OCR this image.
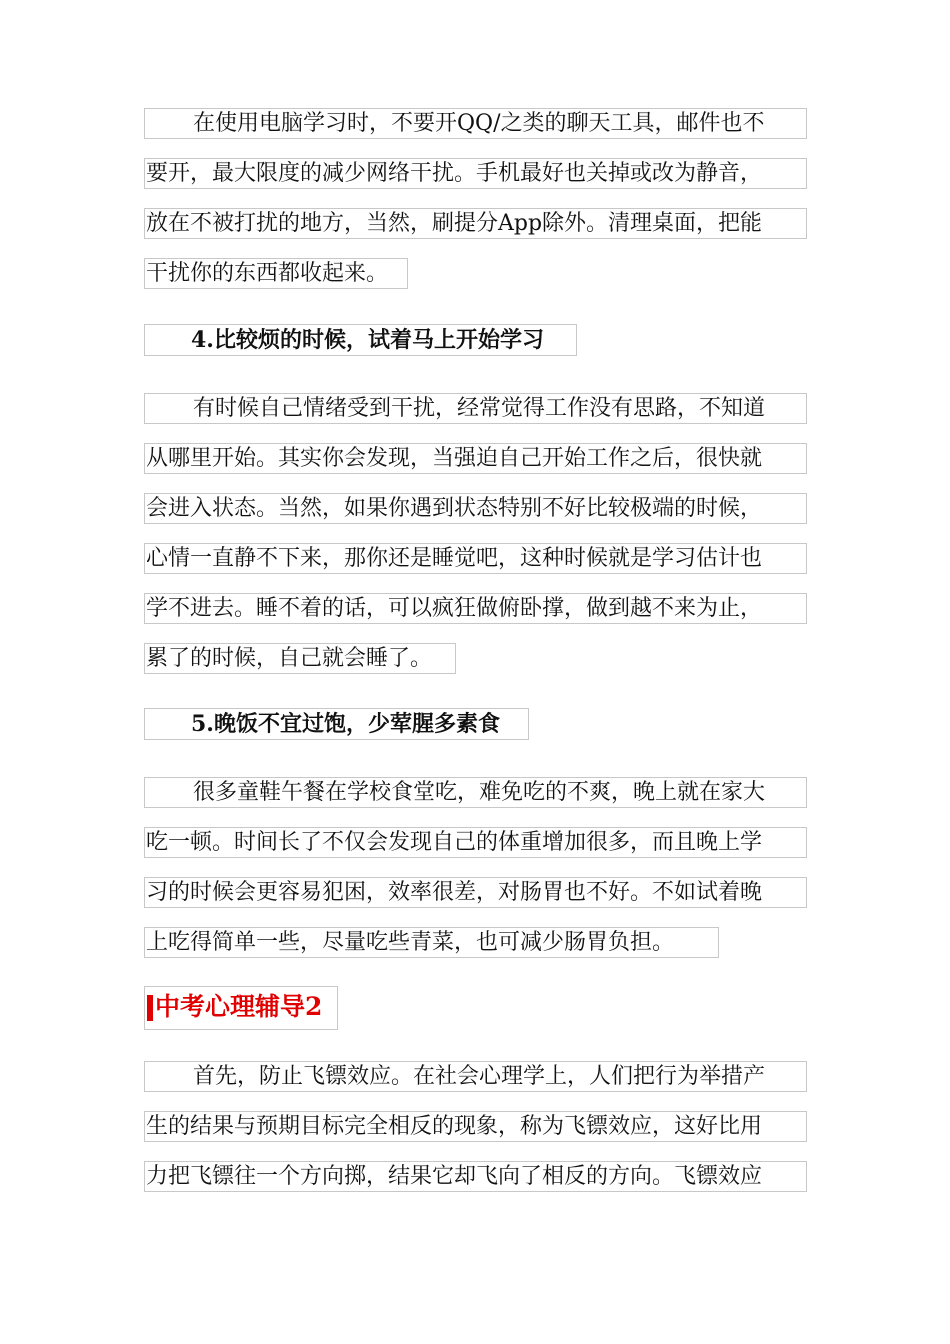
在使用电脑学习时，不要开QQ/之类的聊天工具，邮件也不
要开，最大限度的减少网络干扰。手机最好也关掉或改为静音，
放在不被打扰的地方，当然，刷提分App除外。清理桌面，把能
干扰你的东西都收起来。
4.比较烦的时候，试着马上开始学习
有时候自己情绪受到干扰，经常觉得工作没有思路，不知道
从哪里开始。其实你会发现，当强迫自己开始工作之后，很快就
会进入状态。当然，如果你遇到状态特别不好比较极端的时候，
心情一直静不下来，那你还是睡觉吧，这种时候就是学习估计也
学不进去。睡不着的话，可以疯狂做俯卧撑，做到越不来为止，
累了的时候，自己就会睡了。
5.晚饭不宜过饱，少荤腥多素食
很多童鞋午餐在学校食堂吃，难免吃的不爽，晚上就在家大
吃一顿。时间长了不仅会发现自己的体重增加很多，而且晚上学
习的时候会更容易犯困，效率很差，对肠胃也不好。不如试着晚
上吃得简单一些，尽量吃些青菜，也可减少肠胃负担。
中考心理辅导2
首先，防止飞镖效应。在社会心理学上，人们把行为举措产
生的结果与预期目标完全相反的现象，称为飞镖效应，这好比用
力把飞镖往一个方向掷，结果它却飞向了相反的方向。飞镖效应
